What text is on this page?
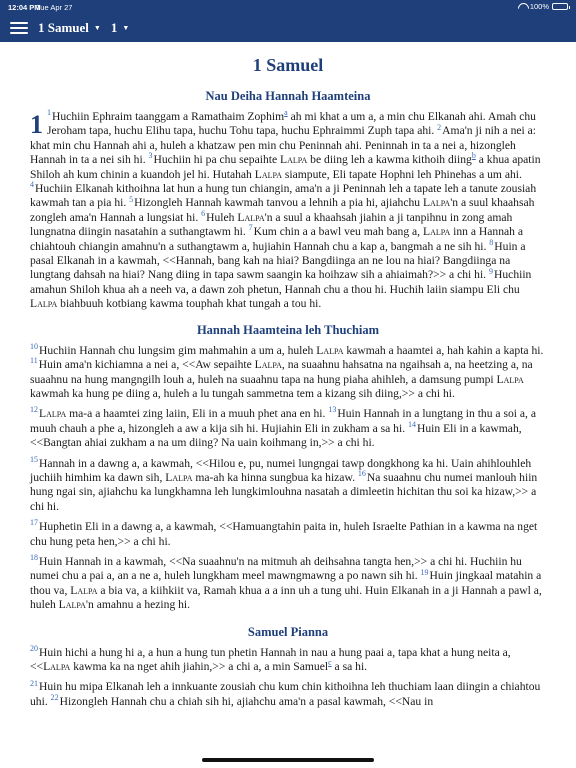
12:04 PM
Tue Apr 27	100%
1 Samuel ▼ 1 ▼
1 Samuel
Nau Deiha Hannah Haamteina

1 $^1$Huchiin Ephraim taanggam a Ramathaim Zophim$^a$ ah mi khat a um a, a min chu Elkanah ahi. Amah chu Jeroham tapa, huchu Elihu tapa, huchu Tohu tapa, huchu Ephraimmi Zuph tapa ahi. $^2$Ama'n ji nih a nei a: khat min chu Hannah ahi a, huleh a khatzaw pen min chu Peninnah ahi. Peninnah in ta a nei a, hizongleh Hannah in ta a nei sih hi. $^3$Huchiin hi pa chu sepaihte Lalpa be diing leh a kawma kithoih diing$^b$ a khua apatin Shiloh ah kum chinin a kuandoh jel hi. Hutahah Lalpa siampute, Eli tapate Hophni leh Phinehas a um ahi. $^4$Huchiin Elkanah kithoihna lat hun a hung tun chiangin, ama'n a ji Peninnah leh a tapate leh a tanute zousiah kawmah tan a pia hi. $^5$Hizongleh Hannah kawmah tanvou a lehnih a pia hi, ajiahchu Lalpa'n a suul khaahsah zongleh ama'n Hannah a lungsiat hi. $^6$Huleh Lalpa'n a suul a khaahsah jiahin a ji tanpihnu in zong amah lungnatna diingin nasatahin a suthangtawm hi. $^7$Kum chin a a bawl veu mah bang a, Lalpa inn a Hannah a chiahtouh chiangin amahnu'n a suthangtawm a, hujiahin Hannah chu a kap a, bangmah a ne sih hi. $^8$Huin a pasal Elkanah in a kawmah, <<Hannah, bang kah na hiai? Bangdiinga an ne lou na hiai? Bangdiinga na lungtang dahsah na hiai? Nang diing in tapa sawm saangin ka hoihzaw sih a ahiaimah?>> a chi hi. $^9$Huchiin amahun Shiloh khua ah a neeh va, a dawn zoh phetun, Hannah chu a thou hi. Huchih laiin siampu Eli chu Lalpa biahbuuh kotbiang kawma touphah khat tungah a tou hi.

Hannah Haamteina leh Thuchiam

$^{10}$Huchiin Hannah chu lungsim gim mahmahin a um a, huleh Lalpa kawmah a haamtei a, hah kahin a kapta hi. $^{11}$Huin ama'n kichiamna a nei a, <<Aw sepaihte Lalpa, na suaahnu hahsatna na ngaihsah a, na heetzing a, na suaahnu na hung mangngilh louh a, huleh na suaahnu tapa na hung piaha ahihleh, a damsung pumpi Lalpa kawmah ka hung pe diing a, huleh a lu tungah sammetna tem a kizang sih diing,>> a chi hi.

$^{12}$Lalpa ma-a a haamtei zing laiin, Eli in a muuh phet ana en hi. $^{13}$Huin Hannah in a lungtang in thu a soi a, a muuh chauh a phe a, hizongleh a aw a kija sih hi. Hujiahin Eli in zukham a sa hi. $^{14}$Huin Eli in a kawmah, <<Bangtan ahiai zukham a na um diing? Na uain koihmang in,>> a chi hi.

$^{15}$Hannah in a dawng a, a kawmah, <<Hilou e, pu, numei lungngai tawp dongkhong ka hi. Uain ahihlouhleh juchiih himhim ka dawn sih, Lalpa ma-ah ka hinna sungbua ka hizaw. $^{16}$Na suaahnu chu numei manlouh hiin hung ngai sin, ajiahchu ka lungkhamna leh lungkimlouhna nasatah a dimleetin hichitan thu soi ka hizaw,>> a chi hi.

$^{17}$Huphetin Eli in a dawng a, a kawmah, <<Hamuangtahin paita in, huleh Israelte Pathian in a kawma na nget chu hung peta hen,>> a chi hi.

$^{18}$Huin Hannah in a kawmah, <<Na suaahnu'n na mitmuh ah deihsahna tangta hen,>> a chi hi. Huchiin hu numei chu a pai a, an a ne a, huleh lungkham meel mawngmawng a po nawn sih hi. $^{19}$Huin jingkaal matahin a thou va, Lalpa a bia va, a kiihkiit va, Ramah khua a a inn uh a tung uhi. Huin Elkanah in a ji Hannah a pawl a, huleh Lalpa'n amahnu a hezing hi.

Samuel Pianna

$^{20}$Huin hichi a hung hi a, a hun a hung tun phetin Hannah in nau a hung paai a, tapa khat a hung neita a, <<Lalpa kawma ka na nget ahih jiahin,>> a chi a, a min Samuel$^c$ a sa hi.

$^{21}$Huin hu mipa Elkanah leh a innkuante zousiah chu kum chin kithoihna leh thuchiam laan diingin a chiahtou uhi. $^{22}$Hizongleh Hannah chu a chiah sih hi, ajiahchu ama'n a pasal kawmah, <<Nau in
